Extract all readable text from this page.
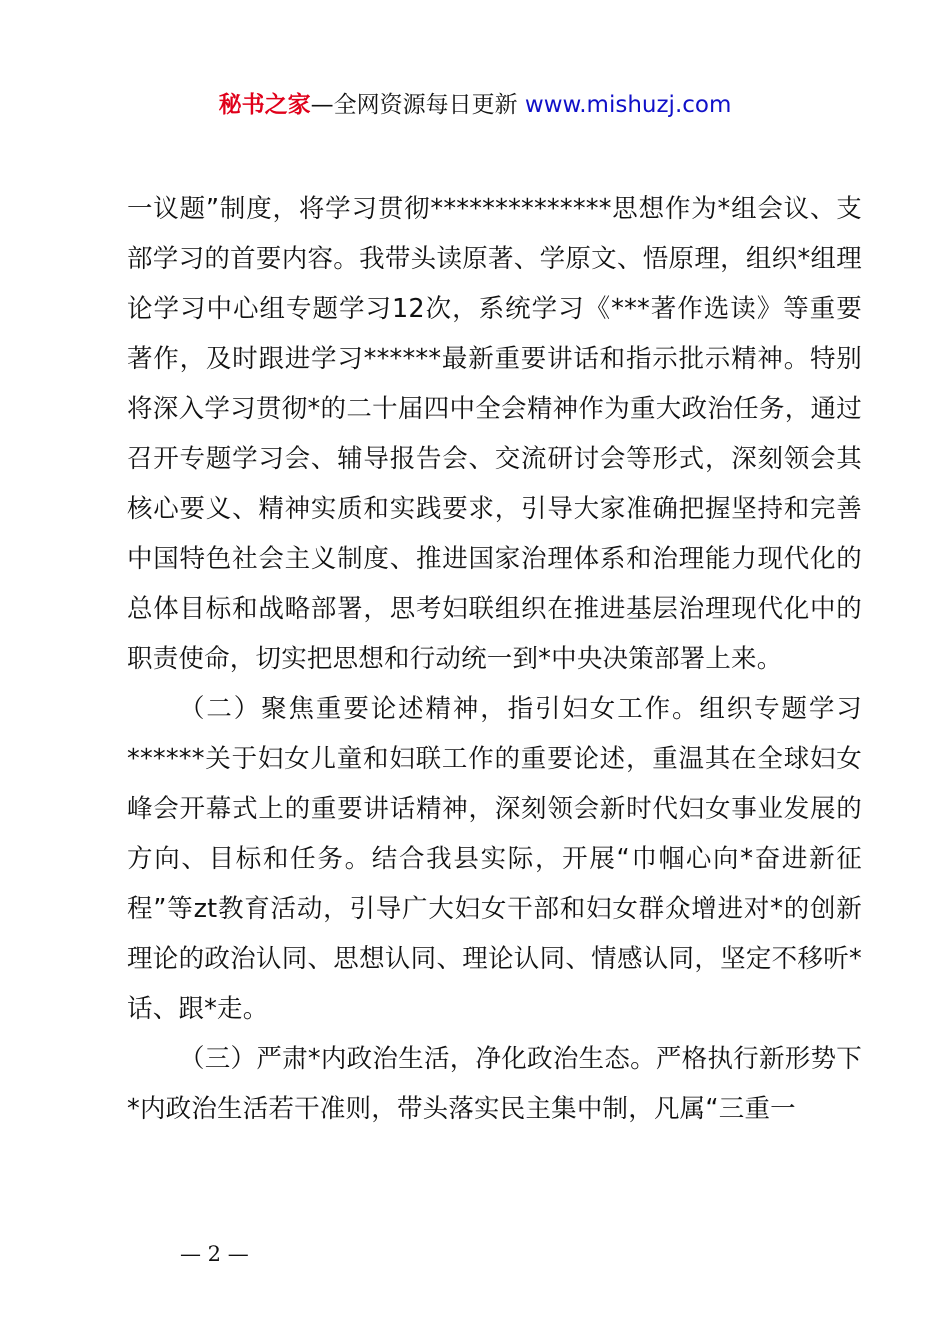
秘书之家—全网资源每日更新 www.mishuzj.com

一议题”制度，将学习贯彻**************思想作为*组会议、支部学习的首要内容。我带头读原著、学原文、悟原理，组织*组理论学习中心组专题学习12次，系统学习《***著作选读》等重要著作，及时跟进学习******最新重要讲话和指示批示精神。特别将深入学习贯彻*的二十届四中全会精神作为重大政治任务，通过召开专题学习会、辅导报告会、交流研讨会等形式，深刻领会其核心要义、精神实质和实践要求，引导大家准确把握坚持和完善中国特色社会主义制度、推进国家治理体系和治理能力现代化的总体目标和战略部署，思考妇联组织在推进基层治理现代化中的职责使命，切实把思想和行动统一到*中央决策部署上来。

（二）聚焦重要论述精神，指引妇女工作。组织专题学习******关于妇女儿童和妇联工作的重要论述，重温其在全球妇女峰会开幕式上的重要讲话精神，深刻领会新时代妇女事业发展的方向、目标和任务。结合我县实际，开展“巾帼心向*奋进新征程”等zt教育活动，引导广大妇女干部和妇女群众增进对*的创新理论的政治认同、思想认同、理论认同、情感认同，坚定不移听*话、跟*走。

（三）严肃*内政治生活，净化政治生态。严格执行新形势下*内政治生活若干准则，带头落实民主集中制，凡属“三重一

— 2 —
